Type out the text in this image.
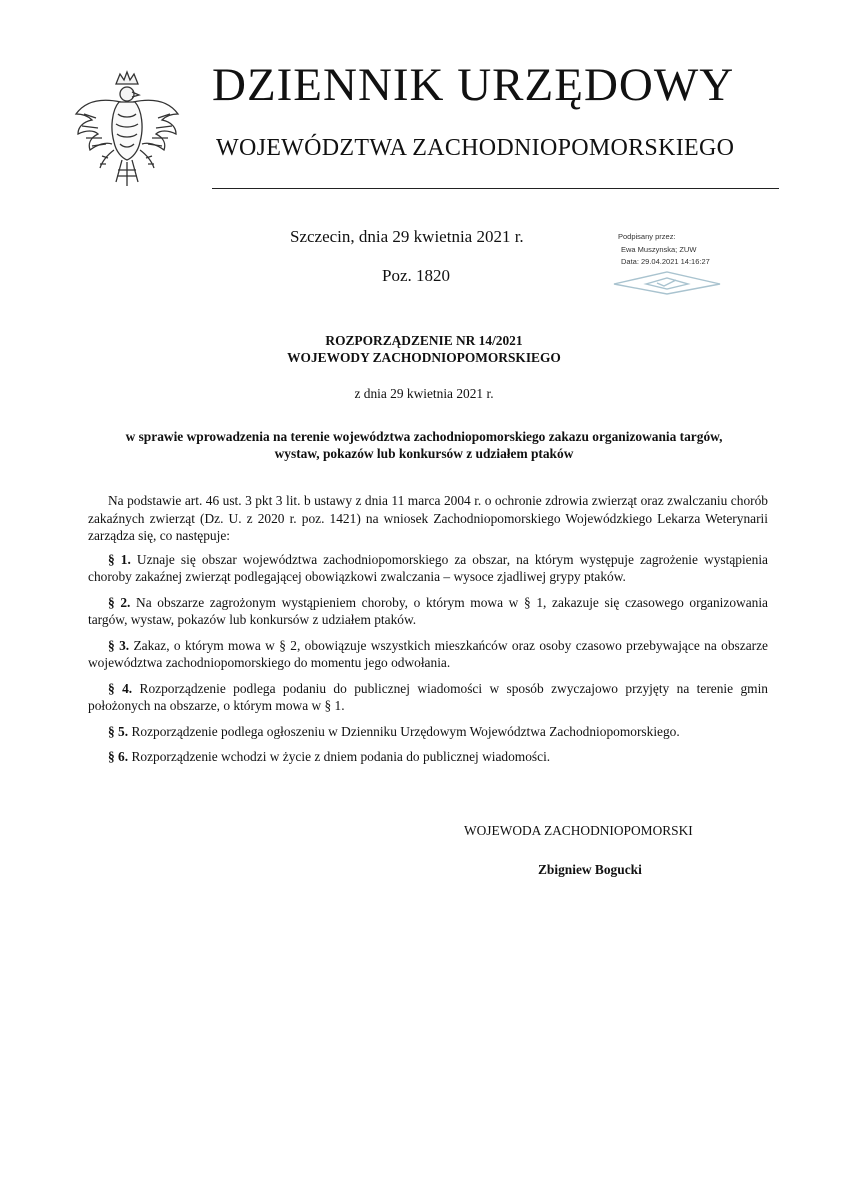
DZIENNIK URZĘDOWY
WOJEWÓDZTWA ZACHODNIOPOMORSKIEGO
Szczecin, dnia 29 kwietnia 2021 r.
Poz. 1820
Podpisany przez:
Ewa Muszynska; ZUW
Data: 29.04.2021 14:16:27
ROZPORZĄDZENIE NR 14/2021
WOJEWODY ZACHODNIOPOMORSKIEGO
z dnia 29 kwietnia 2021 r.
w sprawie wprowadzenia na terenie województwa zachodniopomorskiego zakazu organizowania targów,
wystaw, pokazów lub konkursów z udziałem ptaków

Na podstawie art. 46 ust. 3 pkt 3 lit. b ustawy z dnia 11 marca 2004 r. o ochronie zdrowia zwierząt oraz zwalczaniu chorób zakaźnych zwierząt (Dz. U. z 2020 r. poz. 1421) na wniosek Zachodniopomorskiego Wojewódzkiego Lekarza Weterynarii zarządza się, co następuje:

§ 1. Uznaje się obszar województwa zachodniopomorskiego za obszar, na którym występuje zagrożenie wystąpienia choroby zakaźnej zwierząt podlegającej obowiązkowi zwalczania – wysoce zjadliwej grypy ptaków.

§ 2. Na obszarze zagrożonym wystąpieniem choroby, o którym mowa w § 1, zakazuje się czasowego organizowania targów, wystaw, pokazów lub konkursów z udziałem ptaków.

§ 3. Zakaz, o którym mowa w § 2, obowiązuje wszystkich mieszkańców oraz osoby czasowo przebywające na obszarze województwa zachodniopomorskiego do momentu jego odwołania.

§ 4. Rozporządzenie podlega podaniu do publicznej wiadomości w sposób zwyczajowo przyjęty na terenie gmin położonych na obszarze, o którym mowa w § 1.

§ 5. Rozporządzenie podlega ogłoszeniu w Dzienniku Urzędowym Województwa Zachodniopomorskiego.

§ 6. Rozporządzenie wchodzi w życie z dniem podania do publicznej wiadomości.

WOJEWODA ZACHODNIOPOMORSKI
Zbigniew Bogucki
